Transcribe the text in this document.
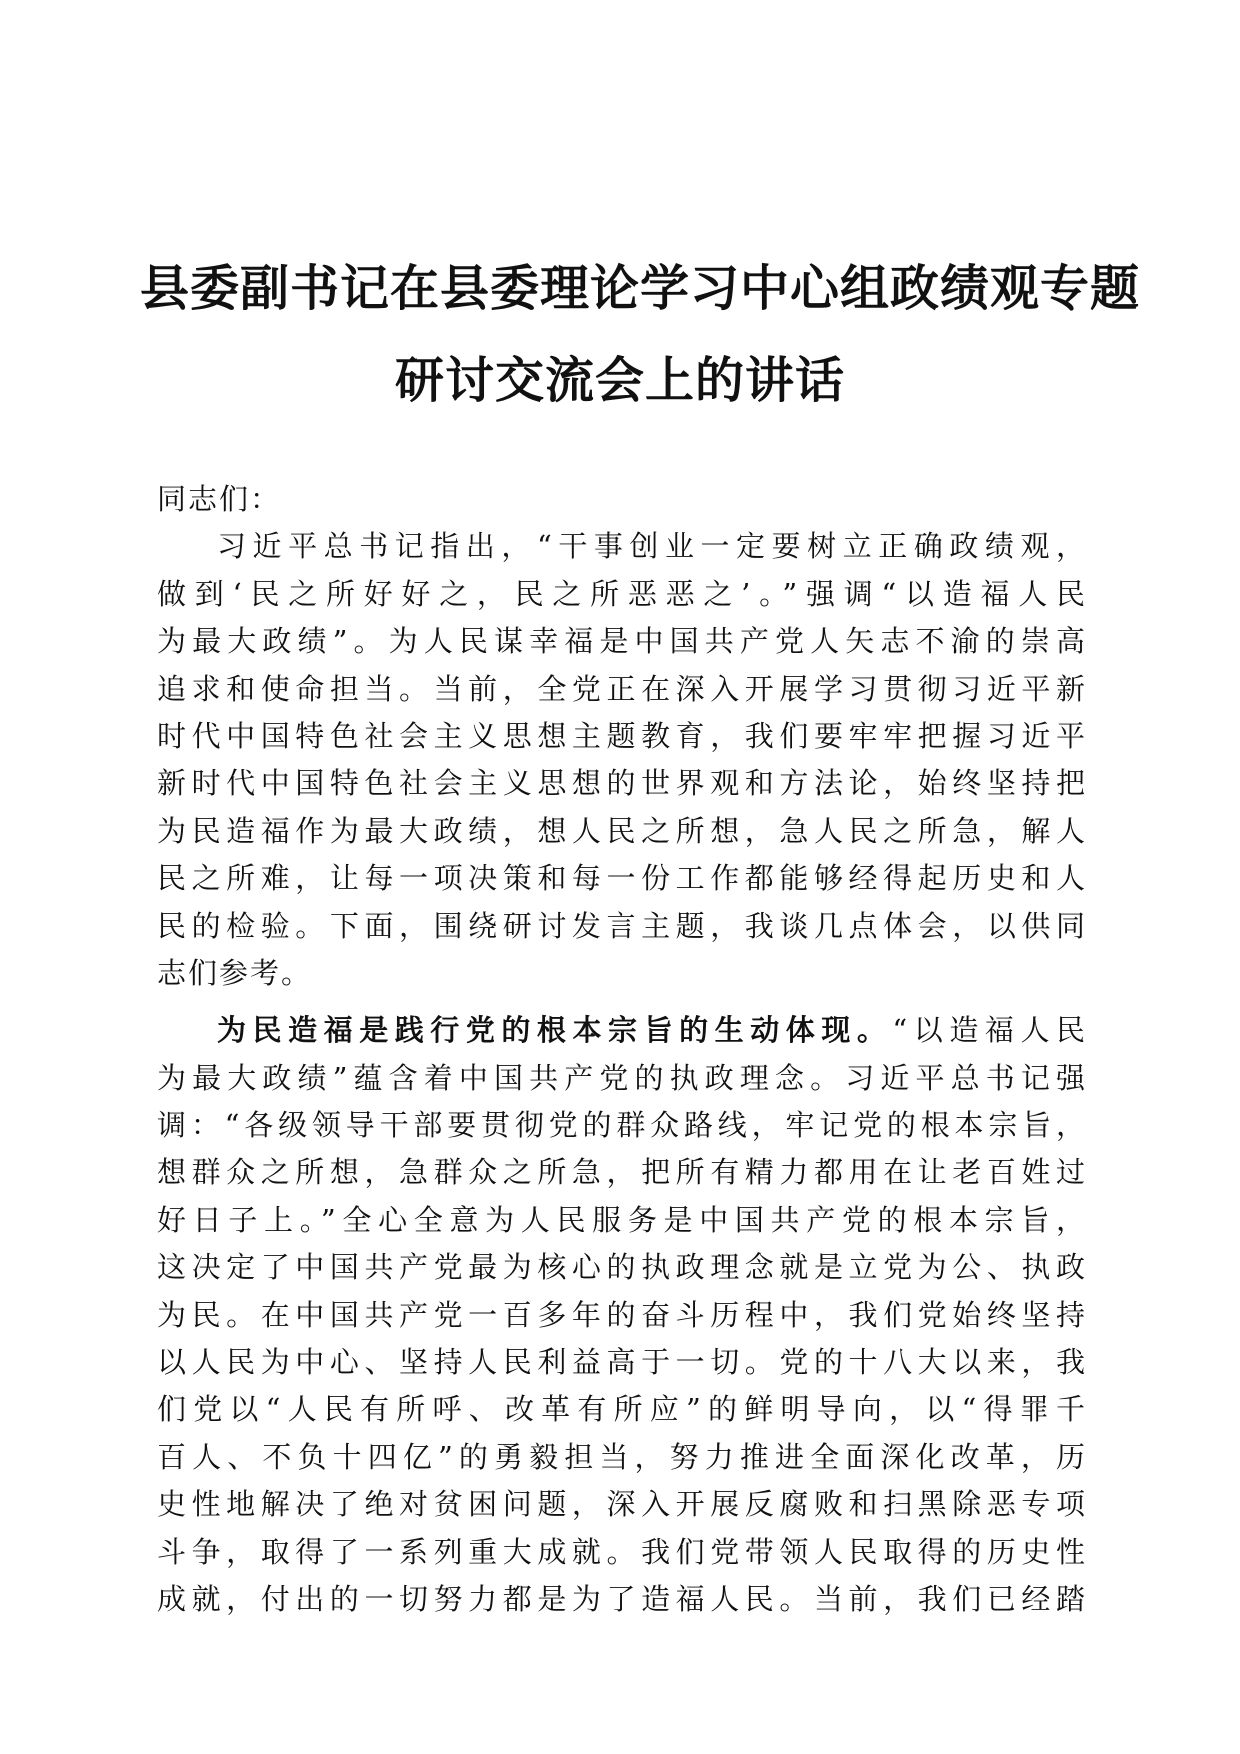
县委副书记在县委理论学习中心组政绩观专题
研讨交流会上的讲话
同志们：
习近平总书记指出，“干事创业一定要树立正确政绩观，
做到‘民之所好好之，民之所恶恶之’。”强调“以造福人民
为最大政绩”。为人民谋幸福是中国共产党人矢志不渝的崇高
追求和使命担当。当前，全党正在深入开展学习贯彻习近平新
时代中国特色社会主义思想主题教育，我们要牢牢把握习近平
新时代中国特色社会主义思想的世界观和方法论，始终坚持把
为民造福作为最大政绩，想人民之所想，急人民之所急，解人
民之所难，让每一项决策和每一份工作都能够经得起历史和人
民的检验。下面，围绕研讨发言主题，我谈几点体会，以供同
志们参考。
为民造福是践行党的根本宗旨的生动体现。“以造福人民
为最大政绩”蕴含着中国共产党的执政理念。习近平总书记强
调：“各级领导干部要贯彻党的群众路线，牢记党的根本宗旨，
想群众之所想，急群众之所急，把所有精力都用在让老百姓过
好日子上。”全心全意为人民服务是中国共产党的根本宗旨，
这决定了中国共产党最为核心的执政理念就是立党为公、执政
为民。在中国共产党一百多年的奋斗历程中，我们党始终坚持
以人民为中心、坚持人民利益高于一切。党的十八大以来，我
们党以“人民有所呼、改革有所应”的鲜明导向，以“得罪千
百人、不负十四亿”的勇毅担当，努力推进全面深化改革，历
史性地解决了绝对贫困问题，深入开展反腐败和扫黑除恶专项
斗争，取得了一系列重大成就。我们党带领人民取得的历史性
成就，付出的一切努力都是为了造福人民。当前，我们已经踏
